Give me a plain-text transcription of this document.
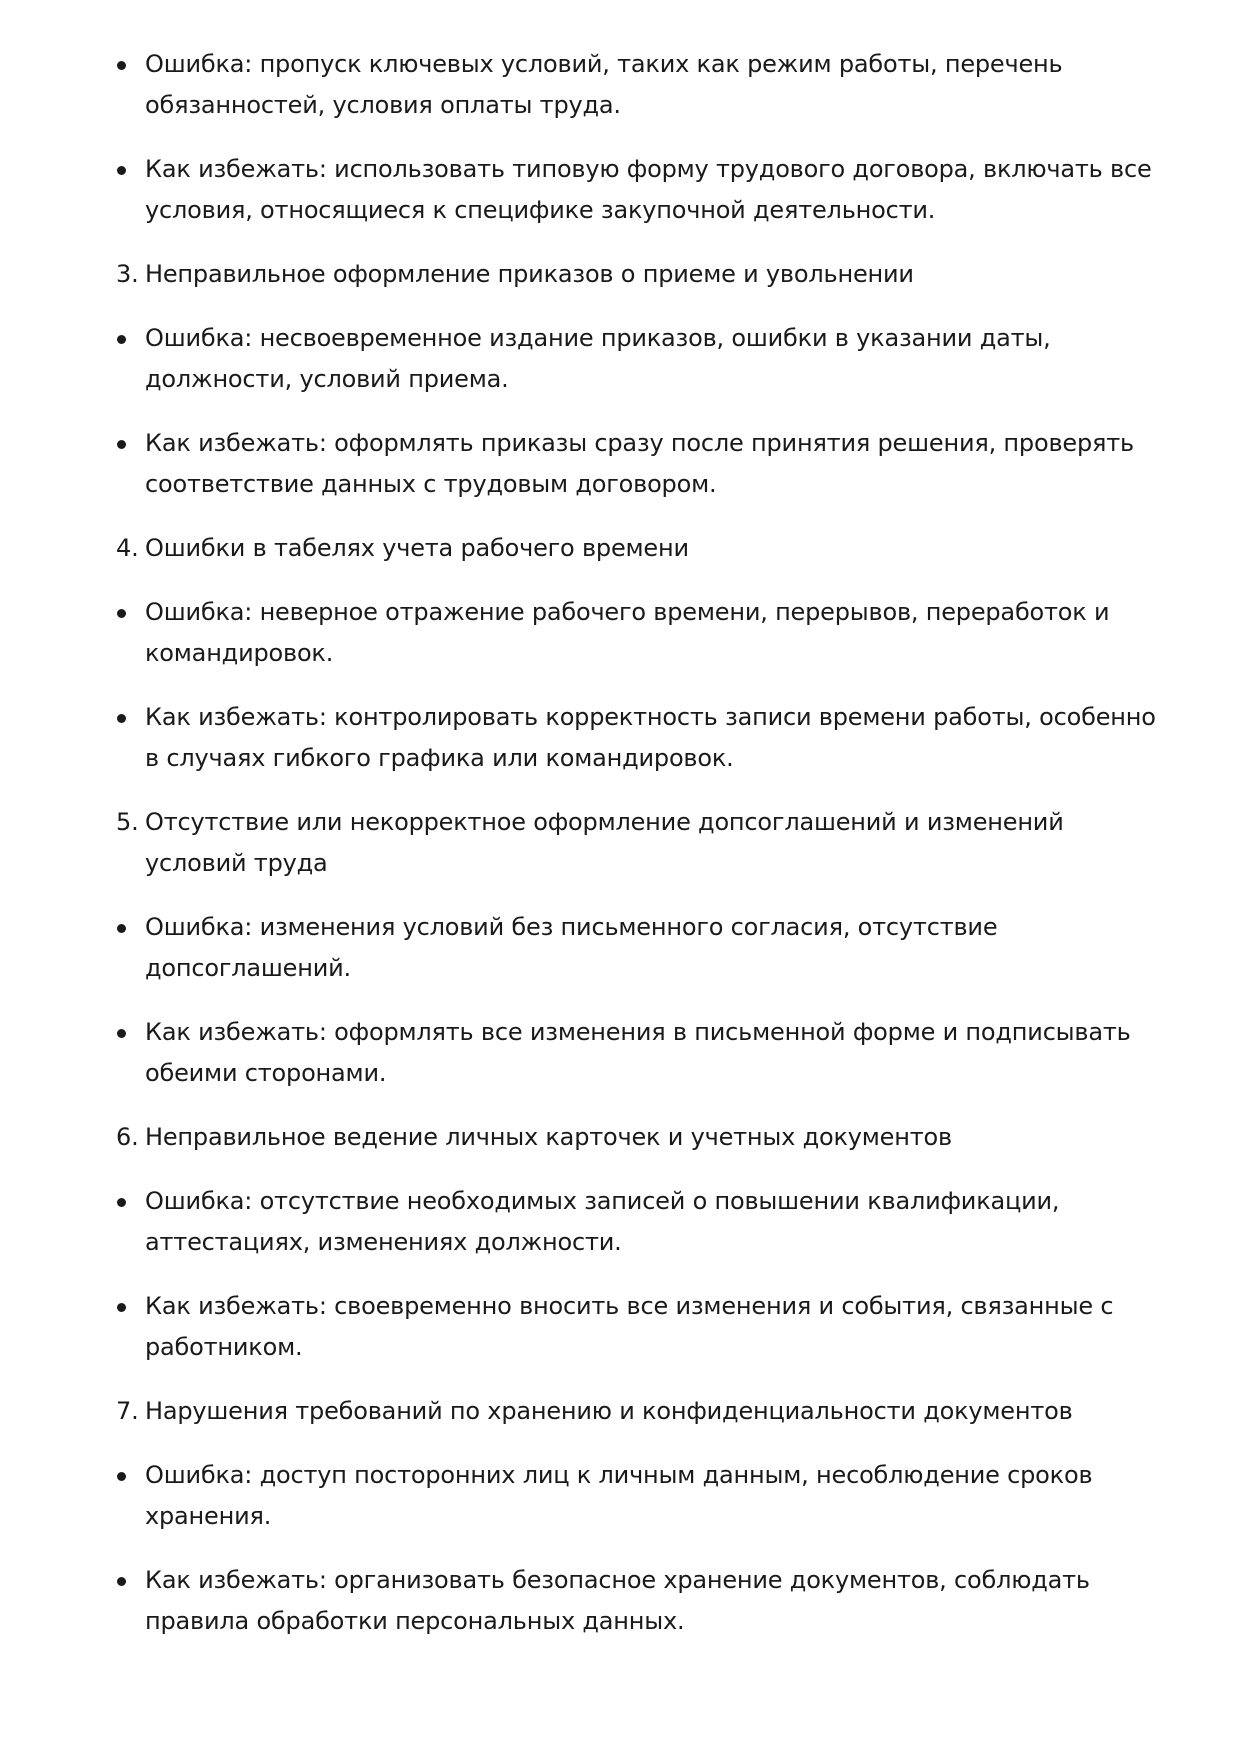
Ошибка: пропуск ключевых условий, таких как режим работы, перечень обязанностей, условия оплаты труда.
Как избежать: использовать типовую форму трудового договора, включать все условия, относящиеся к специфике закупочной деятельности.
3. Неправильное оформление приказов о приеме и увольнении
Ошибка: несвоевременное издание приказов, ошибки в указании даты, должности, условий приема.
Как избежать: оформлять приказы сразу после принятия решения, проверять соответствие данных с трудовым договором.
4. Ошибки в табелях учета рабочего времени
Ошибка: неверное отражение рабочего времени, перерывов, переработок и командировок.
Как избежать: контролировать корректность записи времени работы, особенно в случаях гибкого графика или командировок.
5. Отсутствие или некорректное оформление допсоглашений и изменений условий труда
Ошибка: изменения условий без письменного согласия, отсутствие допсоглашений.
Как избежать: оформлять все изменения в письменной форме и подписывать обеими сторонами.
6. Неправильное ведение личных карточек и учетных документов
Ошибка: отсутствие необходимых записей о повышении квалификации, аттестациях, изменениях должности.
Как избежать: своевременно вносить все изменения и события, связанные с работником.
7. Нарушения требований по хранению и конфиденциальности документов
Ошибка: доступ посторонних лиц к личным данным, несоблюдение сроков хранения.
Как избежать: организовать безопасное хранение документов, соблюдать правила обработки персональных данных.
